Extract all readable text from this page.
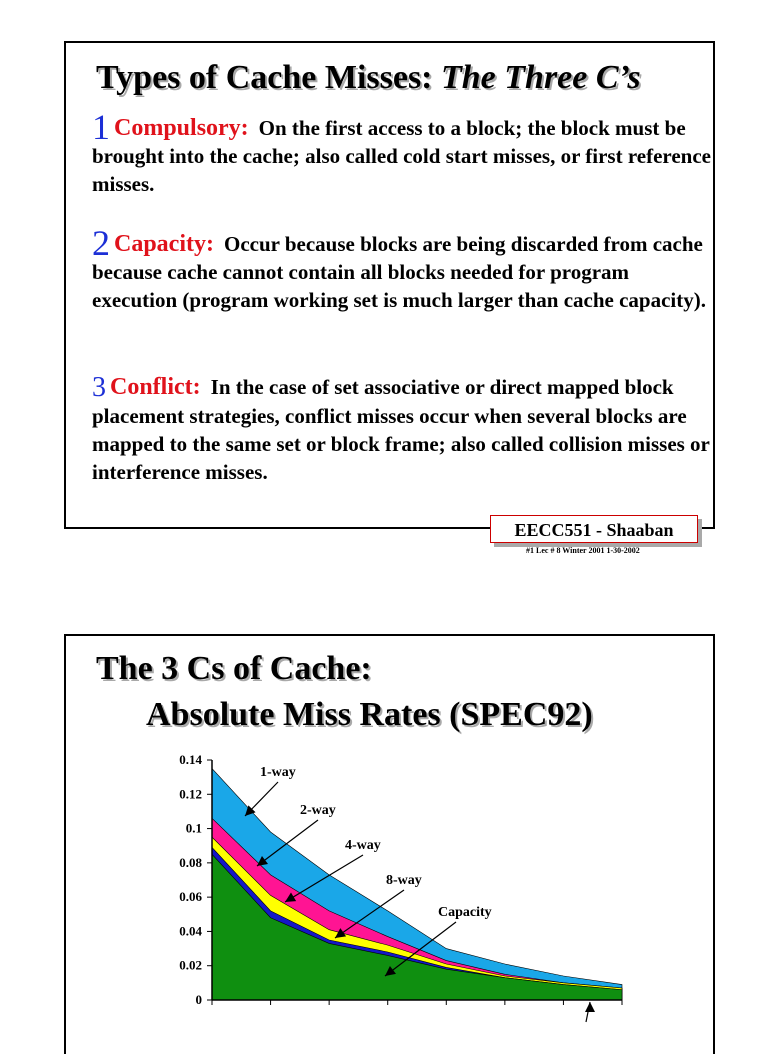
Types of Cache Misses: The Three C’s
1 Compulsory: On the first access to a block; the block must be brought into the cache; also called cold start misses, or first reference misses.
2 Capacity: Occur because blocks are being discarded from cache because cache cannot contain all blocks needed for program execution (program working set is much larger than cache capacity).
3 Conflict: In the case of set associative or direct mapped block placement strategies, conflict misses occur when several blocks are mapped to the same set or block frame; also called collision misses or interference misses.
EECC551 - Shaaban
#1 Lec # 8 Winter 2001 1-30-2002
The 3 Cs of Cache:
Absolute Miss Rates (SPEC92)
0.14
0.12
0.1
0.08
0.06
0.04
0.02
0
1-way
2-way
4-way
8-way
Capacity
